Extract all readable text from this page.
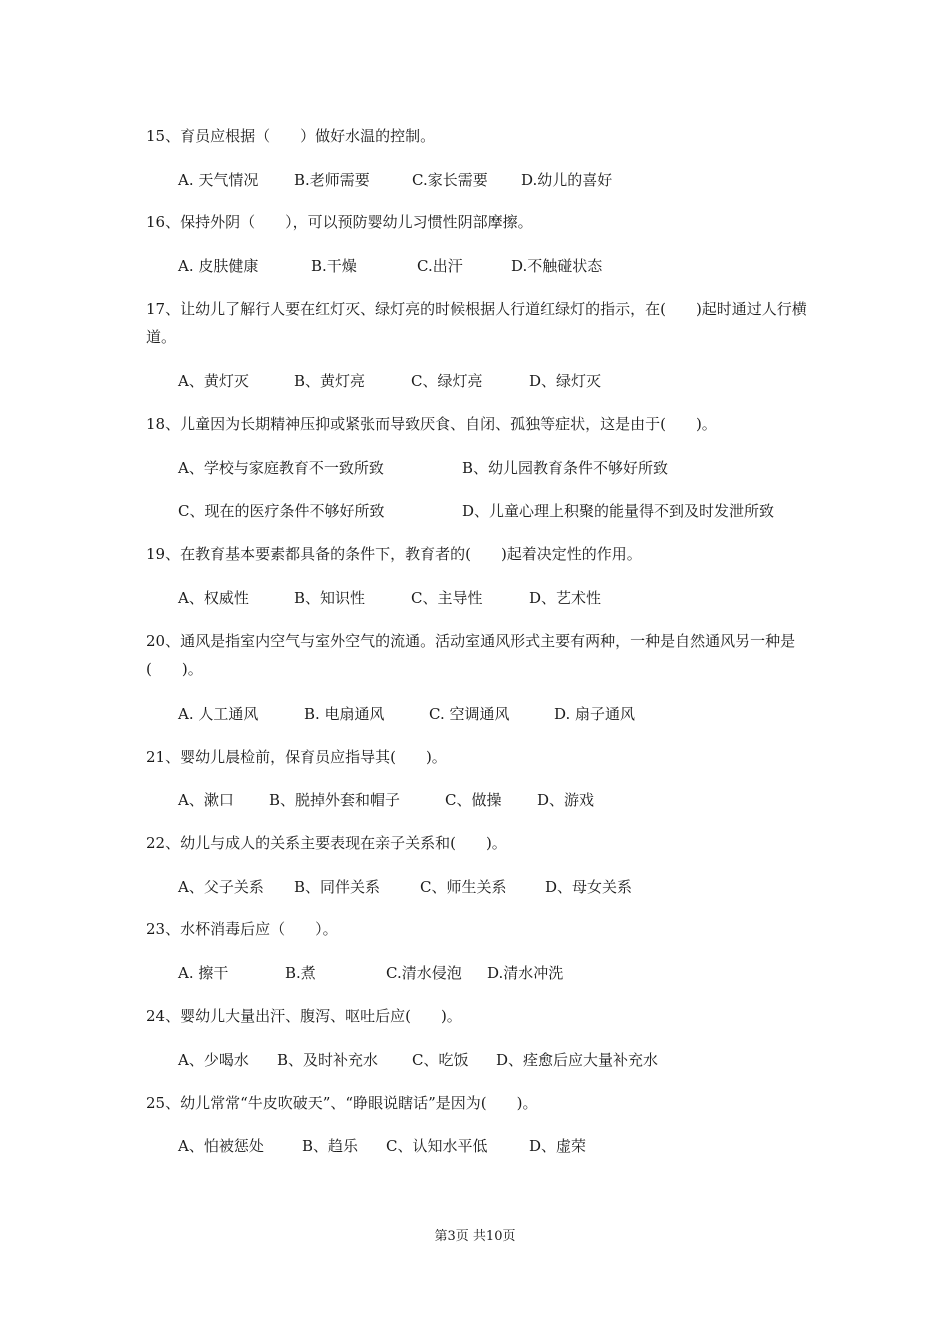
15、育员应根据（　　）做好水温的控制。
A. 天气情况 B.老师需要	C.家长需要 D.幼儿的喜好
16、保持外阴（　　），可以预防婴幼儿习惯性阴部摩擦。
A. 皮肤健康	B.干燥	C.出汗	D.不触碰状态
17、让幼儿了解行人要在红灯灭、绿灯亮的时候根据人行道红绿灯的指示，在(　　)起时通过人行横道。
A、黄灯灭	B、黄灯亮	C、绿灯亮	D、绿灯灭
18、儿童因为长期精神压抑或紧张而导致厌食、自闭、孤独等症状，这是由于(　　)。
A、学校与家庭教育不一致所致	B、幼儿园教育条件不够好所致
C、现在的医疗条件不够好所致	D、儿童心理上积聚的能量得不到及时发泄所致
19、在教育基本要素都具备的条件下，教育者的(　　)起着决定性的作用。
A、权威性	B、知识性	C、主导性	D、艺术性
20、通风是指室内空气与室外空气的流通。活动室通风形式主要有两种，一种是自然通风另一种是(　　)。
A. 人工通风	B. 电扇通风	C. 空调通风	D. 扇子通风
21、婴幼儿晨检前，保育员应指导其(　　)。
A、漱口 B、脱掉外套和帽子	C、做操 D、游戏
22、幼儿与成人的关系主要表现在亲子关系和(　　)。
A、父子关系 B、同伴关系	C、师生关系	D、母女关系
23、水杯消毒后应（　　）。
A. 擦干	B.煮	C.清水侵泡 D.清水冲洗
24、婴幼儿大量出汗、腹泻、呕吐后应(　　)。
A、少喝水 B、及时补充水 C、吃饭 D、痊愈后应大量补充水
25、幼儿常常“牛皮吹破天”、“睁眼说瞎话”是因为(　　)。
A、怕被惩处	B、趋乐 C、认知水平低	D、虚荣
第3页 共10页
